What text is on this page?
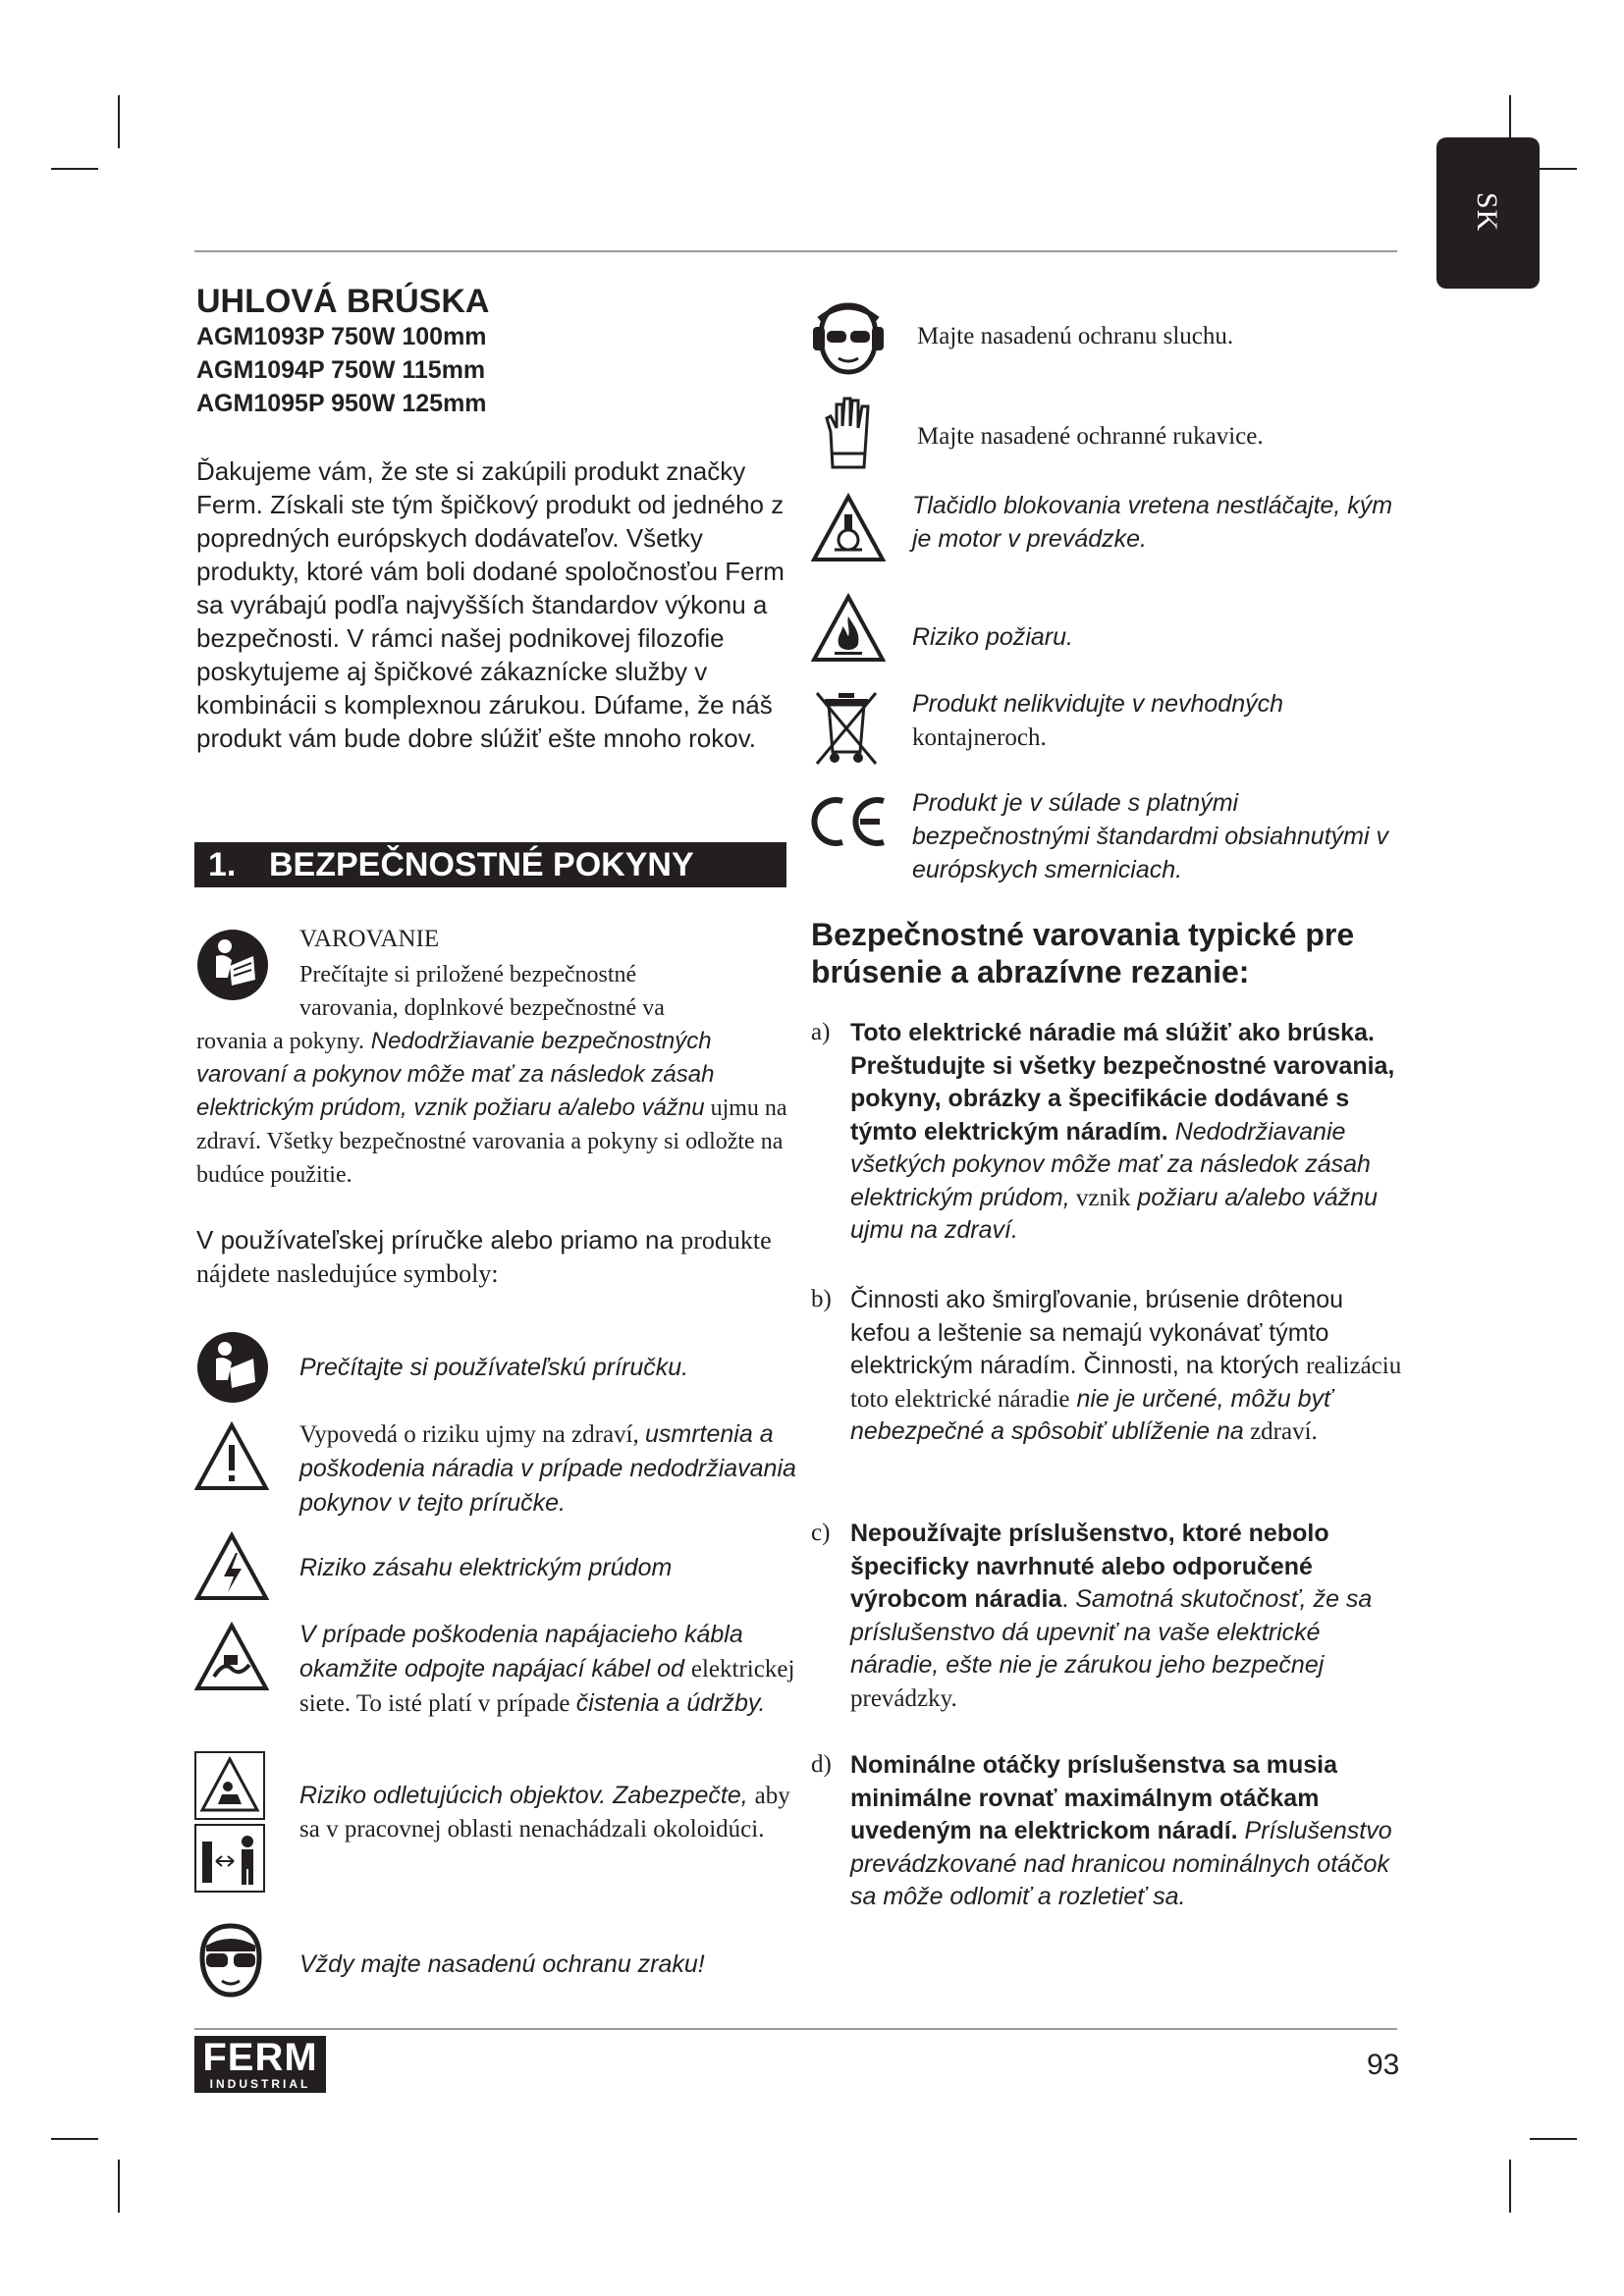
SK
UHLOVÁ BRÚSKA
AGM1093P 750W 100mm
AGM1094P 750W 115mm
AGM1095P 950W 125mm
Ďakujeme vám, že ste si zakúpili produkt značky Ferm. Získali ste tým špičkový produkt od jedného z popredných európskych dodávateľov. Všetky produkty, ktoré vám boli dodané spoločnosťou Ferm sa vyrábajú podľa najvyšších štandardov výkonu a bezpečnosti. V rámci našej podnikovej filozofie poskytujeme aj špičkové zákaznícke služby v kombinácii s komplexnou zárukou. Dúfame, že náš produkt vám bude dobre slúžiť ešte mnoho rokov.
1. BEZPEČNOSTNÉ POKYNY
VAROVANIE
Prečítajte si priložené bezpečnostné
varovania, doplnkové bezpečnostné va
rovania a pokyny. Nedodržiavanie bezpečnostných varovaní a pokynov môže mať za následok zásah elektrickým prúdom, vznik požiaru a/alebo vážnu ujmu na zdraví. Všetky bezpečnostné varovania a pokyny si odložte na budúce použitie.
V používateľskej príručke alebo priamo na produkte nájdete nasledujúce symboly:
Prečítajte si používateľskú príručku.
Vypovedá o riziku ujmy na zdraví, usmrtenia a poškodenia náradia v prípade nedodržiavania pokynov v tejto príručke.
Riziko zásahu elektrickým prúdom
V prípade poškodenia napájacieho kábla okamžite odpojte napájací kábel od elektrickej siete. To isté platí v prípade čistenia a údržby.
Riziko odletujúcich objektov. Zabezpečte, aby sa v pracovnej oblasti nenachádzali okoloidúci.
Vždy majte nasadenú ochranu zraku!
Majte nasadenú ochranu sluchu.
Majte nasadené ochranné rukavice.
Tlačidlo blokovania vretena nestláčajte, kým je motor v prevádzke.
Riziko požiaru.
Produkt nelikvidujte v nevhodných kontajneroch.
Produkt je v súlade s platnými bezpečnostnými štandardmi obsiahnutými v európskych smerniciach.
Bezpečnostné varovania typické pre brúsenie a abrazívne rezanie:
a) Toto elektrické náradie má slúžiť ako brúska. Preštudujte si všetky bezpečnostné varovania, pokyny, obrázky a špecifikácie dodávané s týmto elektrickým náradím. Nedodržiavanie všetkých pokynov môže mať za následok zásah elektrickým prúdom, vznik požiaru a/alebo vážnu ujmu na zdraví.
b) Činnosti ako šmirgľovanie, brúsenie drôtenou kefou a leštenie sa nemajú vykonávať týmto elektrickým náradím. Činnosti, na ktorých realizáciu toto elektrické náradie nie je určené, môžu byť nebezpečné a spôsobiť ublíženie na zdraví.
c) Nepoužívajte príslušenstvo, ktoré nebolo špecificky navrhnuté alebo odporučené výrobcom náradia. Samotná skutočnosť, že sa príslušenstvo dá upevniť na vaše elektrické náradie, ešte nie je zárukou jeho bezpečnej prevádzky.
d) Nominálne otáčky príslušenstva sa musia minimálne rovnať maximálnym otáčkam uvedeným na elektrickom náradí. Príslušenstvo prevádzkované nad hranicou nominálnych otáčok sa môže odlomiť a rozletieť sa.
FERM
INDUSTRIAL
93
